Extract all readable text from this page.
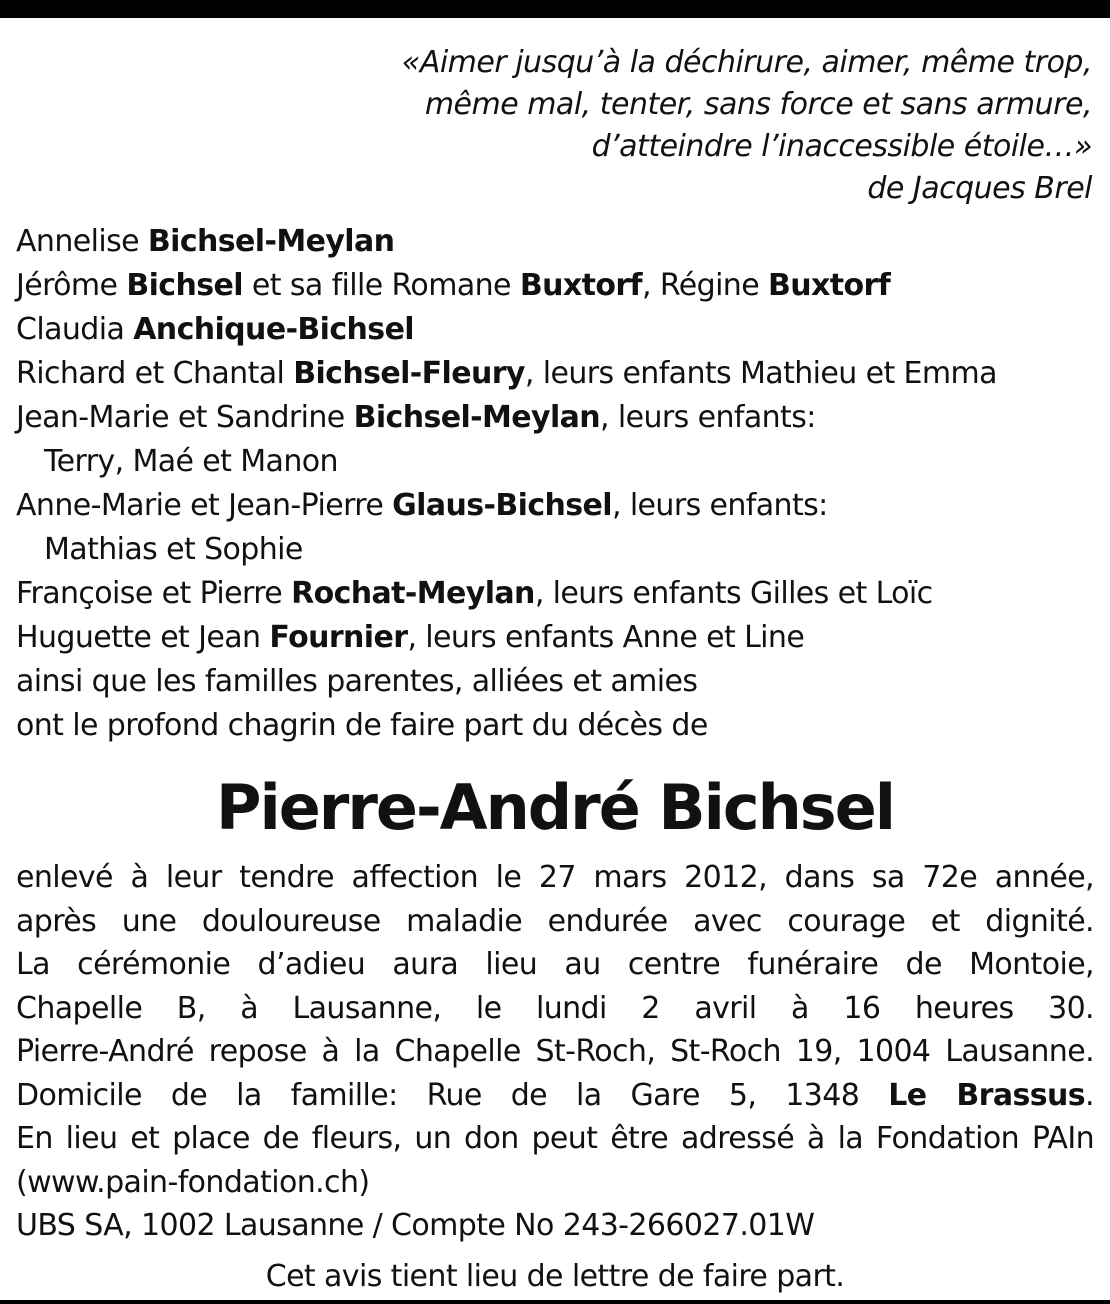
«Aimer jusqu’à la déchirure, aimer, même trop,
même mal, tenter, sans force et sans armure,
d’atteindre l’inaccessible étoile…»
de Jacques Brel
Annelise Bichsel-Meylan
Jérôme Bichsel et sa fille Romane Buxtorf, Régine Buxtorf
Claudia Anchique-Bichsel
Richard et Chantal Bichsel-Fleury, leurs enfants Mathieu et Emma
Jean-Marie et Sandrine Bichsel-Meylan, leurs enfants:
Terry, Maé et Manon
Anne-Marie et Jean-Pierre Glaus-Bichsel, leurs enfants:
Mathias et Sophie
Françoise et Pierre Rochat-Meylan, leurs enfants Gilles et Loïc
Huguette et Jean Fournier, leurs enfants Anne et Line
ainsi que les familles parentes, alliées et amies
ont le profond chagrin de faire part du décès de
Pierre-André Bichsel
enlevé à leur tendre affection le 27 mars 2012, dans sa 72e année,
après une douloureuse maladie endurée avec courage et dignité.
La cérémonie d’adieu aura lieu au centre funéraire de Montoie,
Chapelle B, à Lausanne, le lundi 2 avril à 16 heures 30.
Pierre-André repose à la Chapelle St-Roch, St-Roch 19, 1004 Lausanne.
Domicile de la famille: Rue de la Gare 5, 1348 Le Brassus.
En lieu et place de fleurs, un don peut être adressé à la Fondation PAIn
(www.pain-fondation.ch)
UBS SA, 1002 Lausanne / Compte No 243-266027.01W
Cet avis tient lieu de lettre de faire part.
